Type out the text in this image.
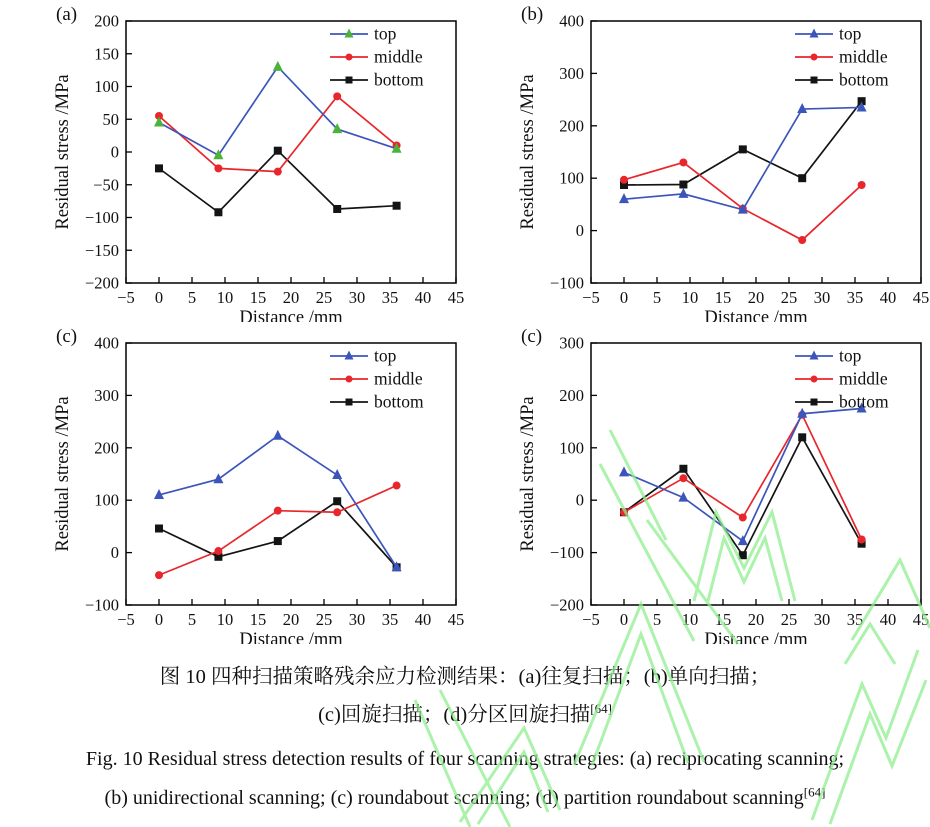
−5 0 5 10 15 20 25 30 35 40 45
−200
−150
−100
−50
0
50
100
150
200
Distance /mm
Residual stress /MPa
(a)
top
middle
bottom
−5 0 5 10 15 20 25 30 35 40 45
−100
0
100
200
300
400
Distance /mm
Residual stress /MPa
(b)
top
middle
bottom
−5 0 5 10 15 20 25 30 35 40 45
−100
0
100
200
300
400
Distance /mm
Residual stress /MPa
(c)
top
middle
bottom
−5 0 5 10 15 20 25 30 35 40 45
−200
−100
0
100
200
300
Distance /mm
Residual stress /MPa
(c)
top
middle
bottom

图 10 四种扫描策略残余应力检测结果：(a)往复扫描；(b)单向扫描；

(c)回旋扫描；(d)分区回旋扫描[64]

Fig. 10 Residual stress detection results of four scanning strategies: (a) reciprocating scanning;

(b) unidirectional scanning; (c) roundabout scanning; (d) partition roundabout scanning[64]
